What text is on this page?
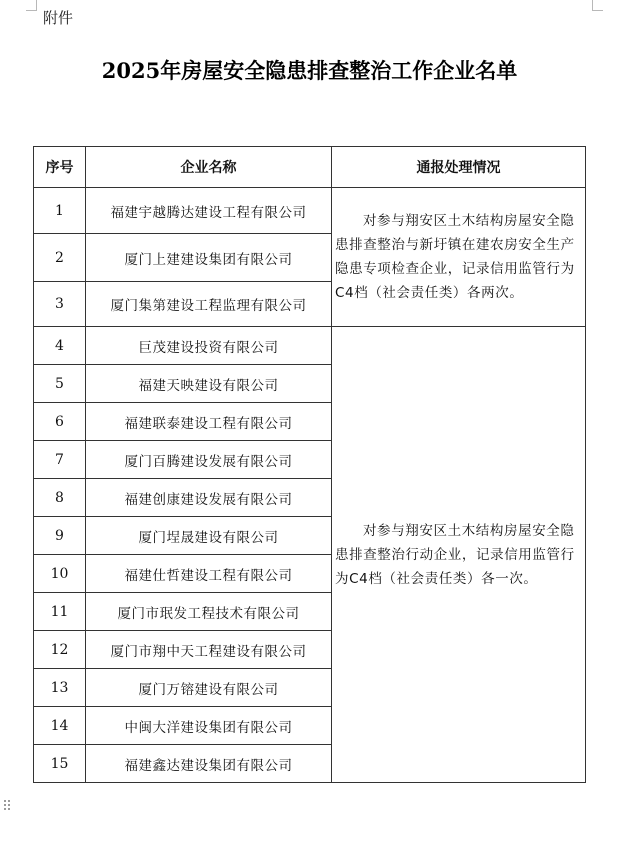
附件
2025年房屋安全隐患排查整治工作企业名单
序号	企业名称	通报处理情况
1	福建宇越腾达建设工程有限公司	对参与翔安区土木结构房屋安全隐患排查整治与新圩镇在建农房安全生产隐患专项检查企业，记录信用监管行为C4档（社会责任类）各两次。
2	厦门上建建设集团有限公司	
3	厦门集第建设工程监理有限公司	
4	巨茂建设投资有限公司	对参与翔安区土木结构房屋安全隐患排查整治行动企业，记录信用监管行为C4档（社会责任类）各一次。
5	福建天映建设有限公司	
6	福建联泰建设工程有限公司	
7	厦门百腾建设发展有限公司	
8	福建创康建设发展有限公司	
9	厦门埕晟建设有限公司	
10	福建仕哲建设工程有限公司	
11	厦门市珉发工程技术有限公司	
12	厦门市翔中天工程建设有限公司	
13	厦门万镕建设有限公司	
14	中闽大洋建设集团有限公司	
15	福建鑫达建设集团有限公司	
